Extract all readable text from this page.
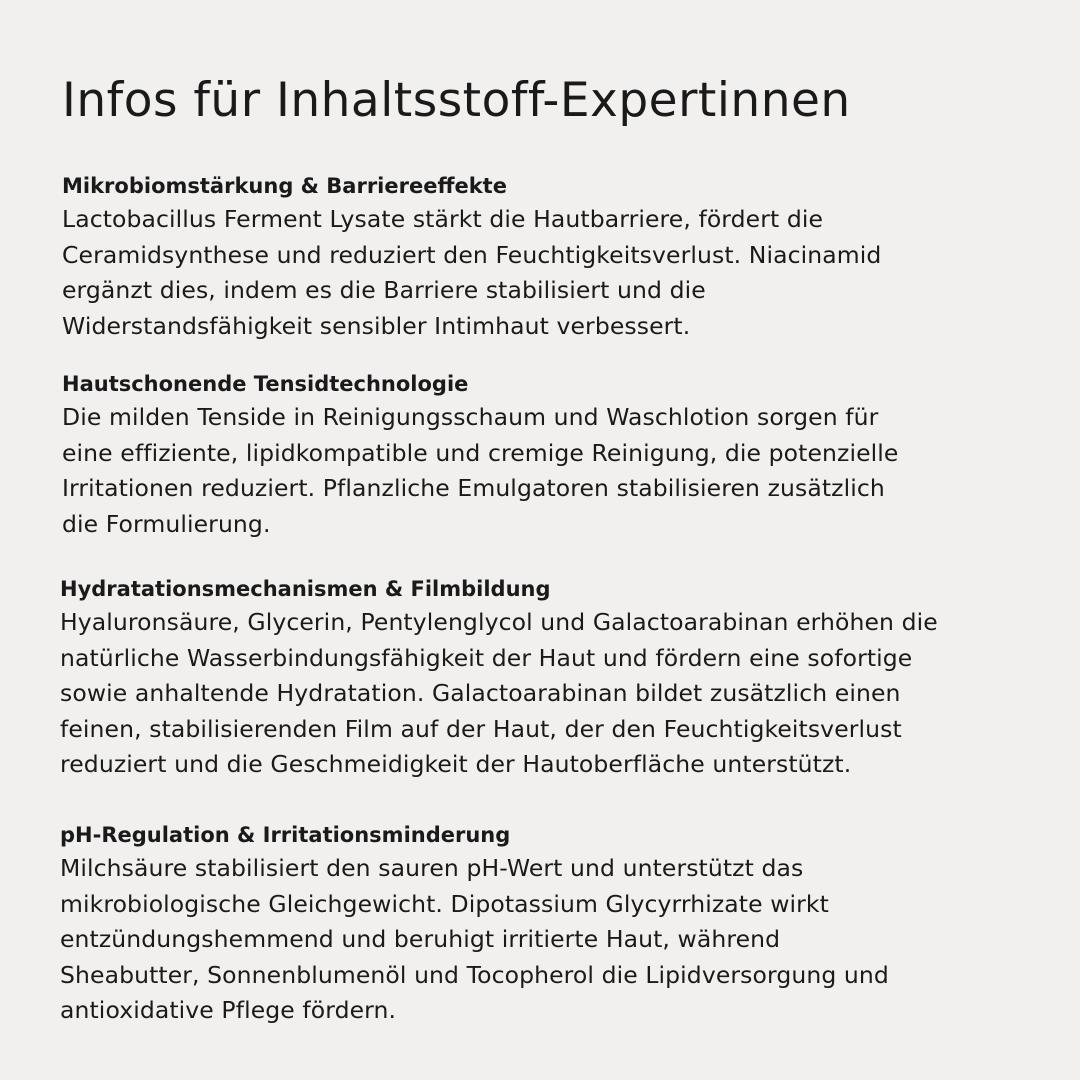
Infos für Inhaltsstoff-Expertinnen
Mikrobiomstärkung & Barriereeffekte

Lactobacillus Ferment Lysate stärkt die Hautbarriere, fördert die
Ceramidsynthese und reduziert den Feuchtigkeitsverlust. Niacinamid
ergänzt dies, indem es die Barriere stabilisiert und die
Widerstandsfähigkeit sensibler Intimhaut verbessert.

Hautschonende Tensidtechnologie

Die milden Tenside in Reinigungsschaum und Waschlotion sorgen für
eine effiziente, lipidkompatible und cremige Reinigung, die potenzielle
Irritationen reduziert. Pflanzliche Emulgatoren stabilisieren zusätzlich
die Formulierung.

Hydratationsmechanismen & Filmbildung

Hyaluronsäure, Glycerin, Pentylenglycol und Galactoarabinan erhöhen die
natürliche Wasserbindungsfähigkeit der Haut und fördern eine sofortige
sowie anhaltende Hydratation. Galactoarabinan bildet zusätzlich einen
feinen, stabilisierenden Film auf der Haut, der den Feuchtigkeitsverlust
reduziert und die Geschmeidigkeit der Hautoberfläche unterstützt.

pH-Regulation & Irritationsminderung

Milchsäure stabilisiert den sauren pH-Wert und unterstützt das
mikrobiologische Gleichgewicht. Dipotassium Glycyrrhizate wirkt
entzündungshemmend und beruhigt irritierte Haut, während
Sheabutter, Sonnenblumenöl und Tocopherol die Lipidversorgung und
antioxidative Pflege fördern.
